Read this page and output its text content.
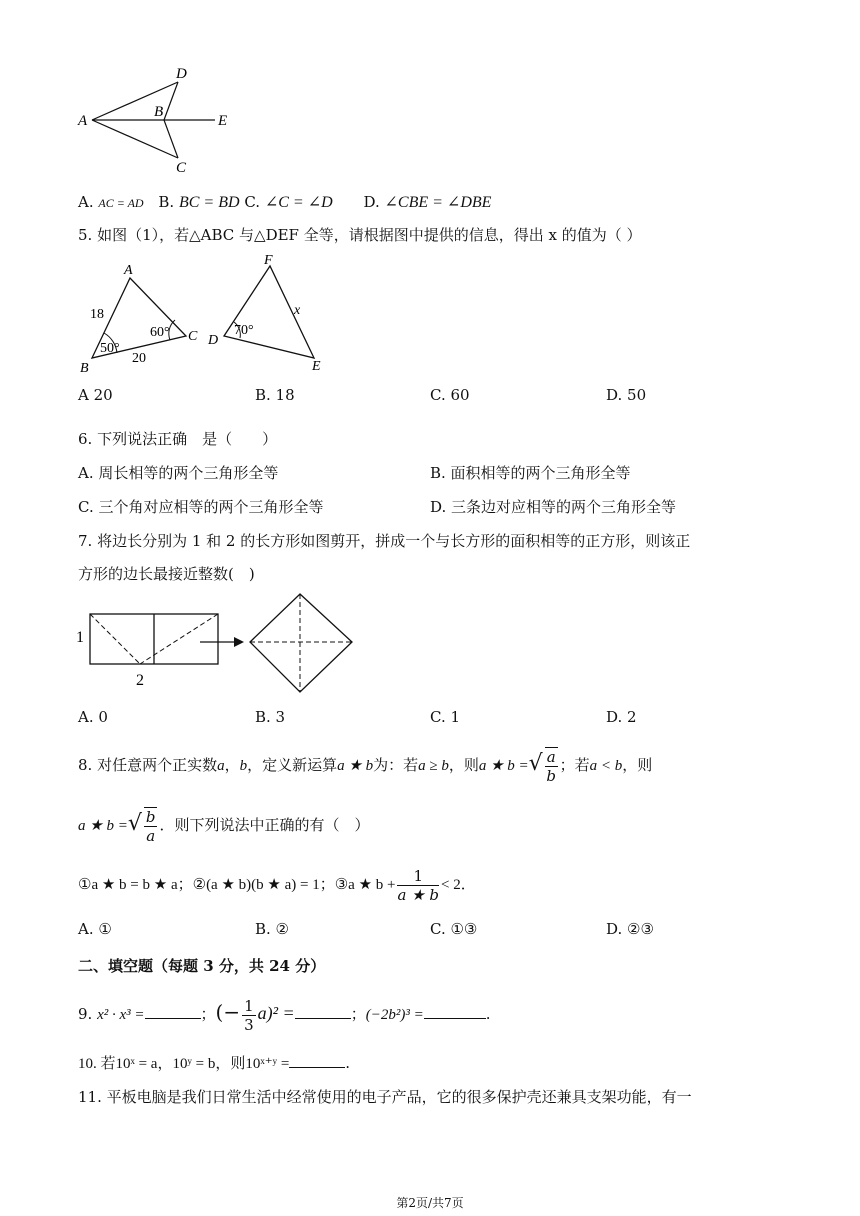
A
D
B
E
C
A. AC = AD B. BC = BD C. ∠C = ∠D D. ∠CBE = ∠DBE
5. 如图（1），若△ABC 与△DEF 全等，请根据图中提供的信息，得出 x 的值为（ ）
A
B
C
18
20
50°
60°
F
D
E
70°
x
A 20	B. 18	C. 60	D. 50
6. 下列说法正确　是（　　）
A. 周长相等的两个三角形全等	B. 面积相等的两个三角形全等
C. 三个角对应相等的两个三角形全等	D. 三条边对应相等的两个三角形全等
7. 将边长分别为 1 和 2 的长方形如图剪开，拼成一个与长方形的面积相等的正方形，则该正
方形的边长最接近整数(　)
1
2
A. 0	B. 3	C. 1	D. 2
8. 对任意两个正实数a，b，定义新运算a ★ b为：若a ≥ b，则a ★ b =√ $\frac{a}{b}$ ；若a < b，则
a ★ b =√ $\frac{b}{a}$ ．则下列说法中正确的有（　）
①a ★ b = b ★ a；②(a ★ b)(b ★ a) = 1；③a ★ $b + \frac{1}{a ★ b} < 2$．
A. ①	B. ②	C. ①③	D. ②③
二、填空题（每题 3 分，共 24 分）
9. x² · x³ =	；(− $\frac{1}{3} a)^2$ =	；(−2b²)³ =	.
10. 若10ˣ = a，10ʸ = b，则10ˣ⁺ʸ =	.
11. 平板电脑是我们日常生活中经常使用的电子产品，它的很多保护壳还兼具支架功能，有一
第2页/共7页
